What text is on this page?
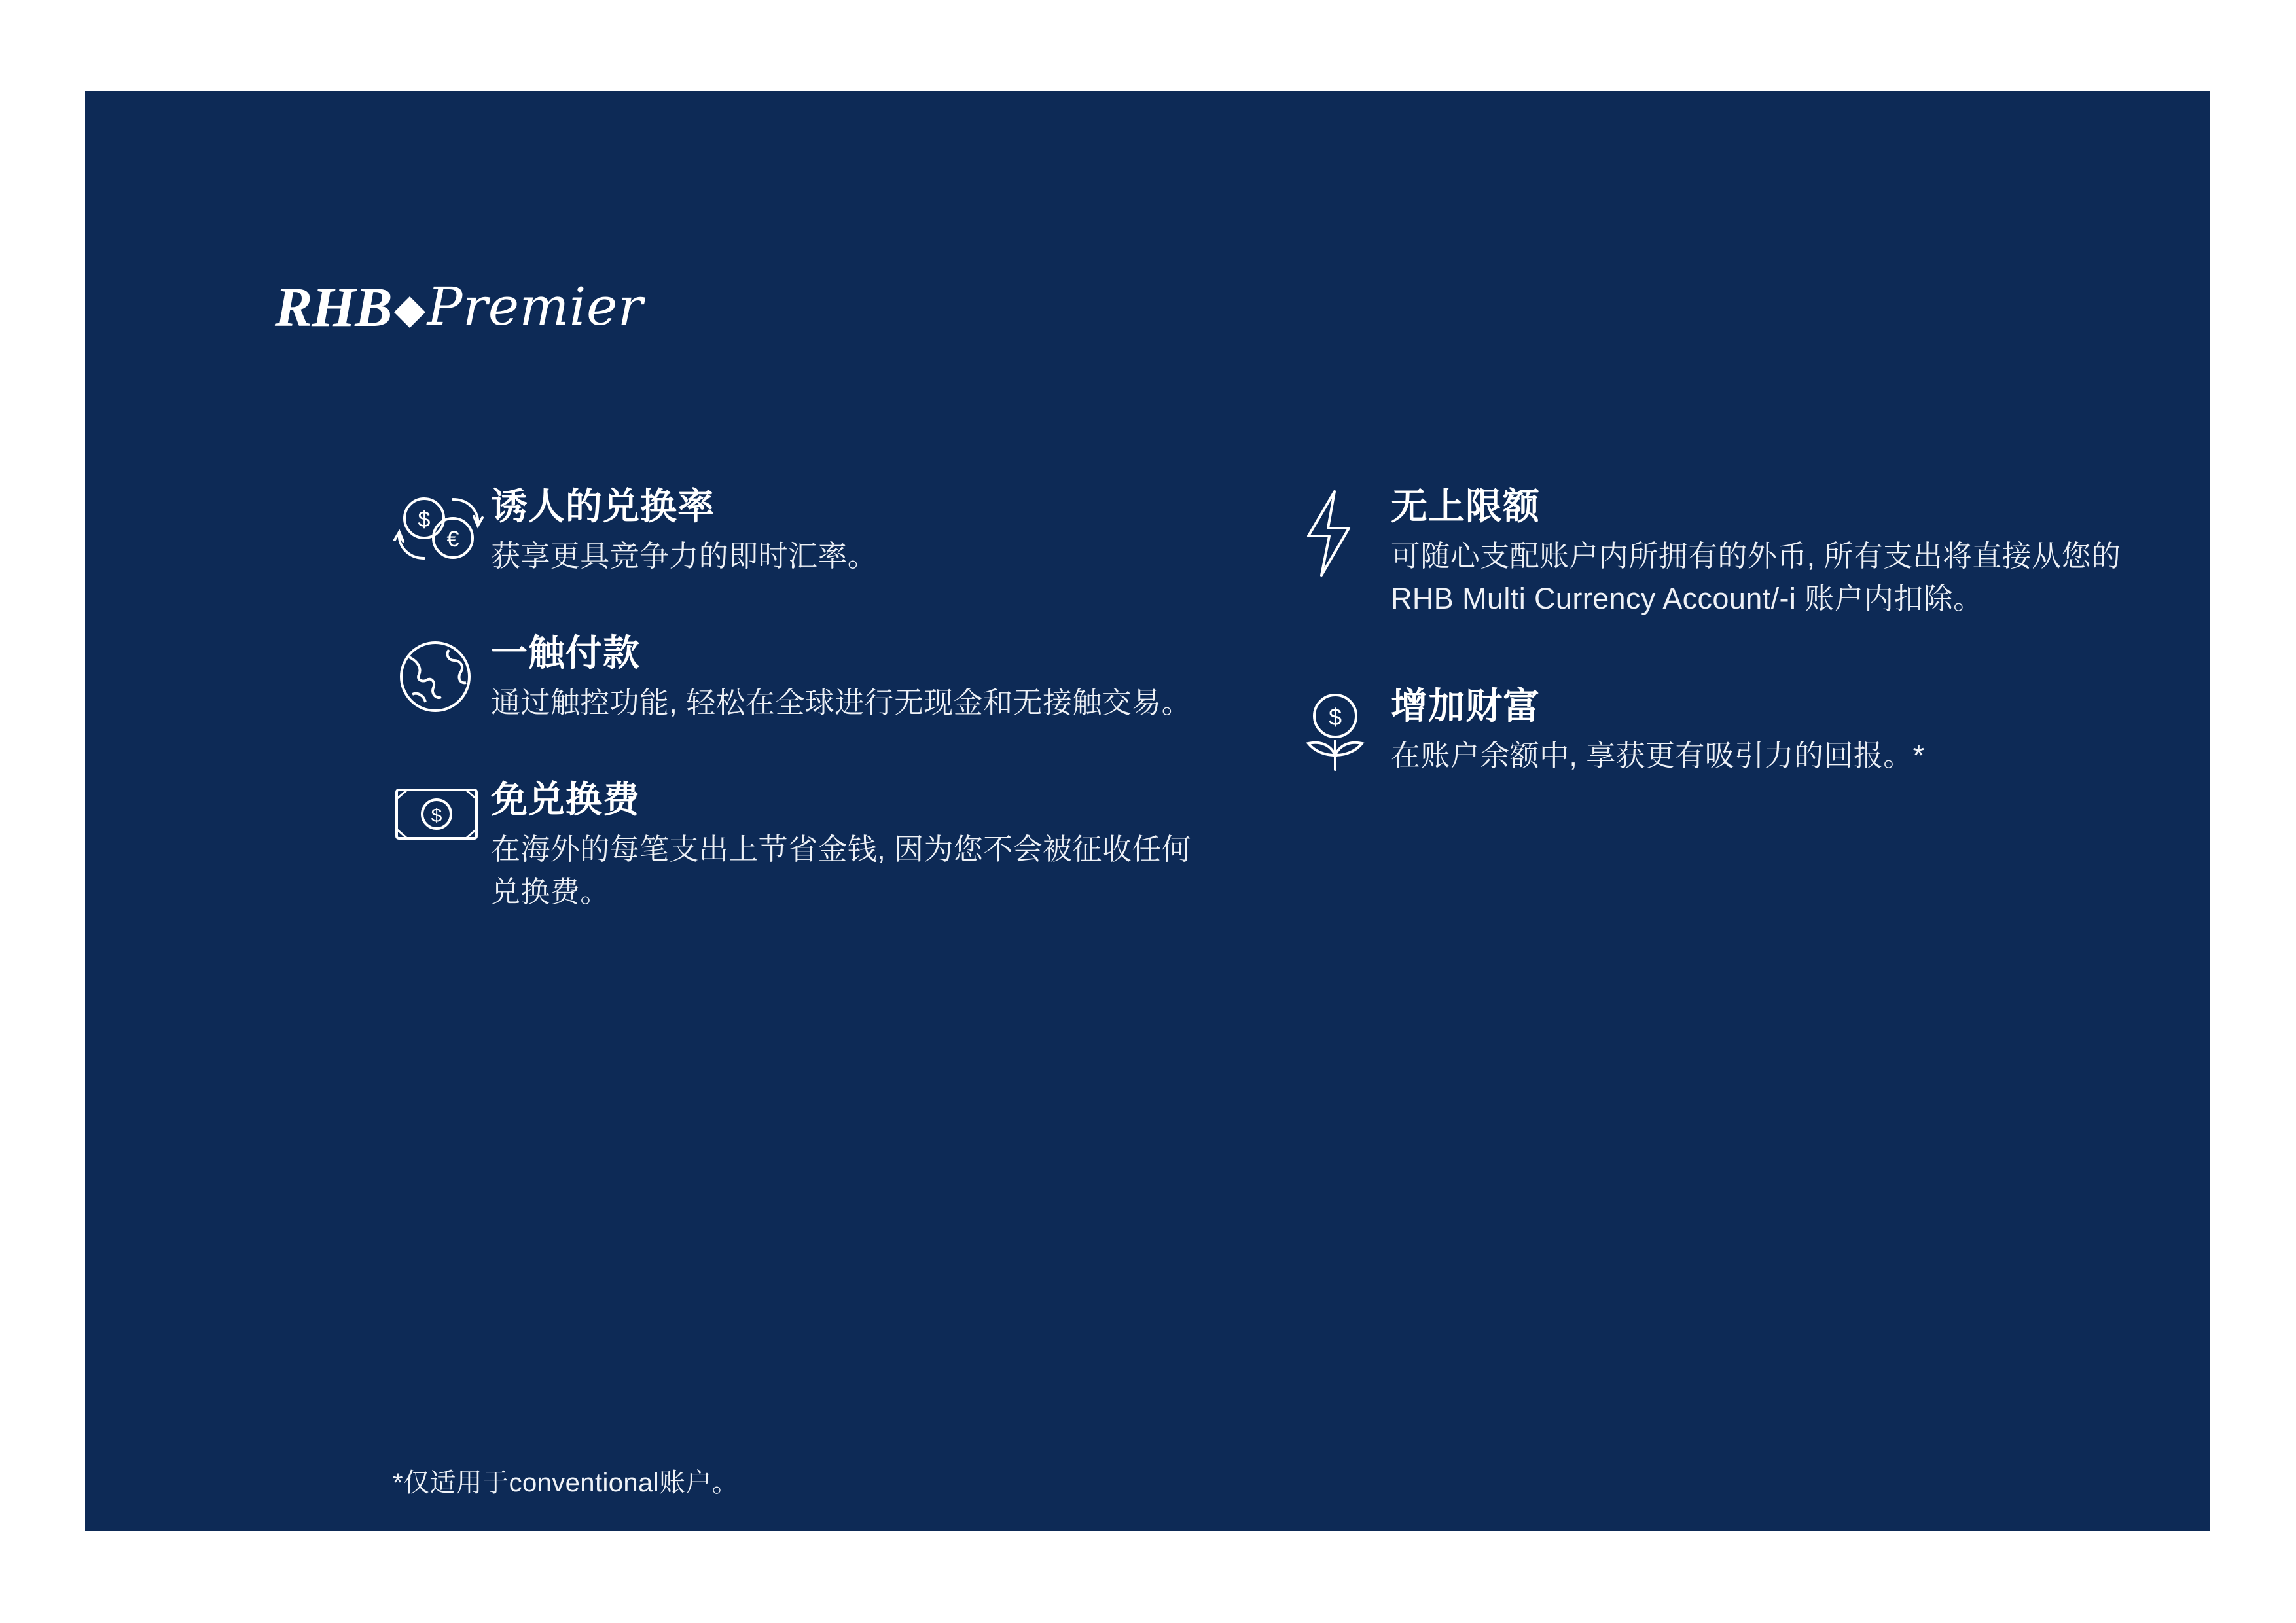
RHB Premier
$
€
诱人的兑换率
获享更具竞争力的即时汇率。
一触付款
通过触控功能, 轻松在全球进行无现金和无接触交易。
$ 免兑换费
在海外的每笔支出上节省金钱, 因为您不会被征收任何兑换费。
无上限额
可随心支配账户内所拥有的外币, 所有支出将直接从您的RHB Multi Currency Account/-i 账户内扣除。
$ 增加财富
在账户余额中, 享获更有吸引力的回报。*
*仅适用于conventional账户。
